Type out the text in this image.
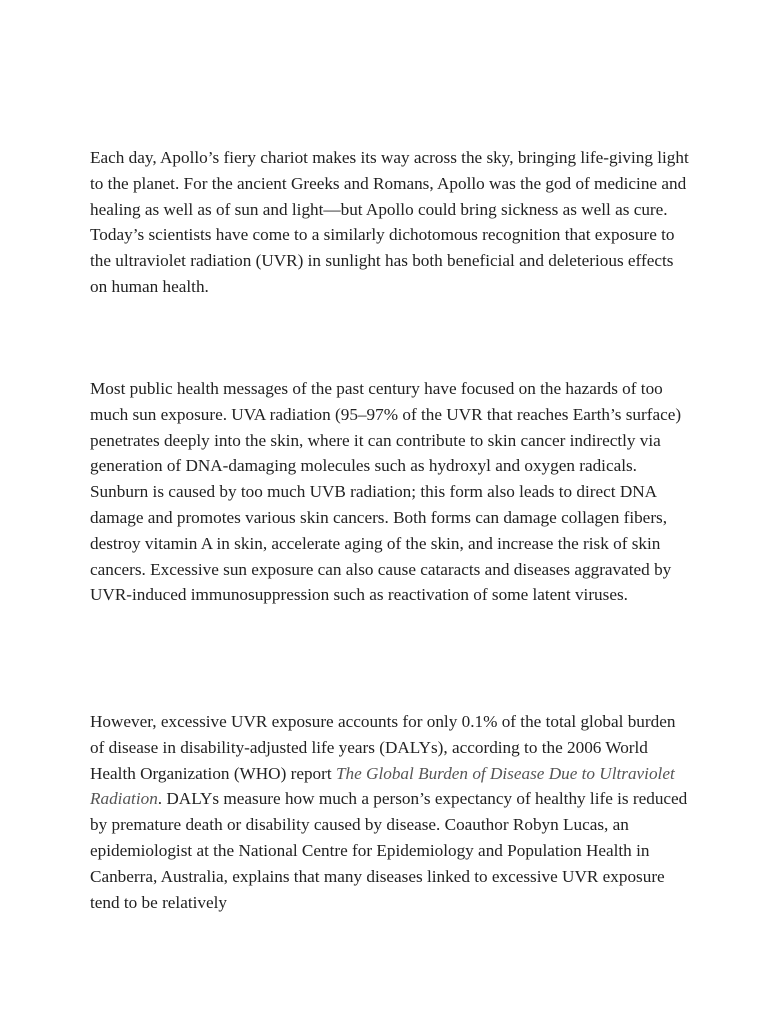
Each day, Apollo’s fiery chariot makes its way across the sky, bringing life-giving light to the planet. For the ancient Greeks and Romans, Apollo was the god of medicine and healing as well as of sun and light—but Apollo could bring sickness as well as cure. Today’s scientists have come to a similarly dichotomous recognition that exposure to the ultraviolet radiation (UVR) in sunlight has both beneficial and deleterious effects on human health.

Most public health messages of the past century have focused on the hazards of too much sun exposure. UVA radiation (95–97% of the UVR that reaches Earth’s surface) penetrates deeply into the skin, where it can contribute to skin cancer indirectly via generation of DNA-damaging molecules such as hydroxyl and oxygen radicals. Sunburn is caused by too much UVB radiation; this form also leads to direct DNA damage and promotes various skin cancers. Both forms can damage collagen fibers, destroy vitamin A in skin, accelerate aging of the skin, and increase the risk of skin cancers. Excessive sun exposure can also cause cataracts and diseases aggravated by UVR-induced immunosuppression such as reactivation of some latent viruses.

However, excessive UVR exposure accounts for only 0.1% of the total global burden of disease in disability-adjusted life years (DALYs), according to the 2006 World Health Organization (WHO) report The Global Burden of Disease Due to Ultraviolet Radiation. DALYs measure how much a person’s expectancy of healthy life is reduced by premature death or disability caused by disease. Coauthor Robyn Lucas, an epidemiologist at the National Centre for Epidemiology and Population Health in Canberra, Australia, explains that many diseases linked to excessive UVR exposure tend to be relatively
